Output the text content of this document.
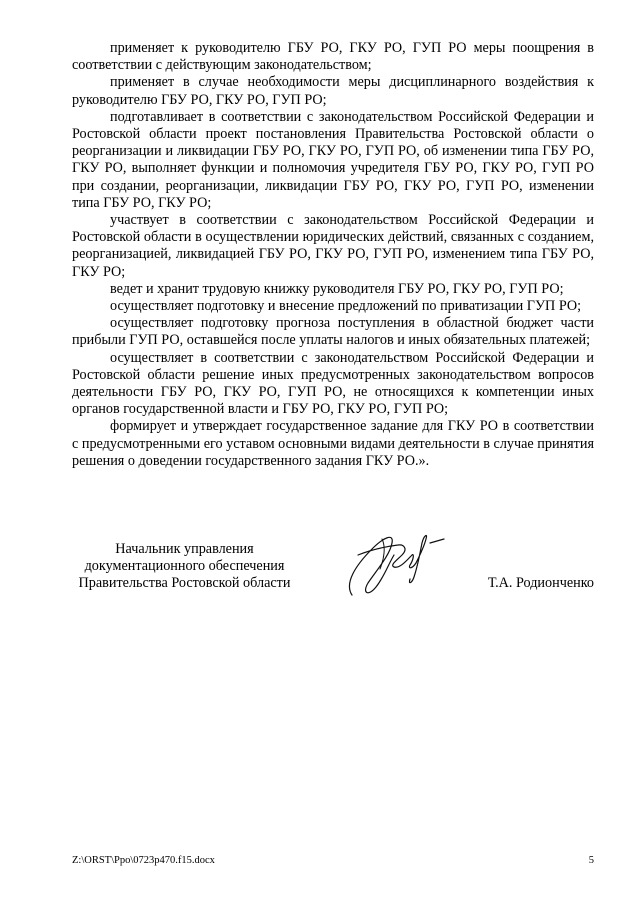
применяет к руководителю ГБУ РО, ГКУ РО, ГУП РО меры поощрения в соответствии с действующим законодательством;

применяет в случае необходимости меры дисциплинарного воздействия к руководителю ГБУ РО, ГКУ РО, ГУП РО;

подготавливает в соответствии с законодательством Российской Федерации и Ростовской области проект постановления Правительства Ростовской области о реорганизации и ликвидации ГБУ РО, ГКУ РО, ГУП РО, об изменении типа ГБУ РО, ГКУ РО, выполняет функции и полномочия учредителя ГБУ РО, ГКУ РО, ГУП РО при создании, реорганизации, ликвидации ГБУ РО, ГКУ РО, ГУП РО, изменении типа ГБУ РО, ГКУ РО;

участвует в соответствии с законодательством Российской Федерации и Ростовской области в осуществлении юридических действий, связанных с созданием, реорганизацией, ликвидацией ГБУ РО, ГКУ РО, ГУП РО, изменением типа ГБУ РО, ГКУ РО;

ведет и хранит трудовую книжку руководителя ГБУ РО, ГКУ РО, ГУП РО;

осуществляет подготовку и внесение предложений по приватизации ГУП РО;

осуществляет подготовку прогноза поступления в областной бюджет части прибыли ГУП РО, оставшейся после уплаты налогов и иных обязательных платежей;

осуществляет в соответствии с законодательством Российской Федерации и Ростовской области решение иных предусмотренных законодательством вопросов деятельности ГБУ РО, ГКУ РО, ГУП РО, не относящихся к компетенции иных органов государственной власти и ГБУ РО, ГКУ РО, ГУП РО;

формирует и утверждает государственное задание для ГКУ РО в соответствии с предусмотренными его уставом основными видами деятельности в случае принятия решения о доведении государственного задания ГКУ РО.».

Начальник управления
документационного обеспечения
Правительства Ростовской области	Т.А. Родионченко
Z:\ORST\Ppo\0723p470.f15.docx	5
